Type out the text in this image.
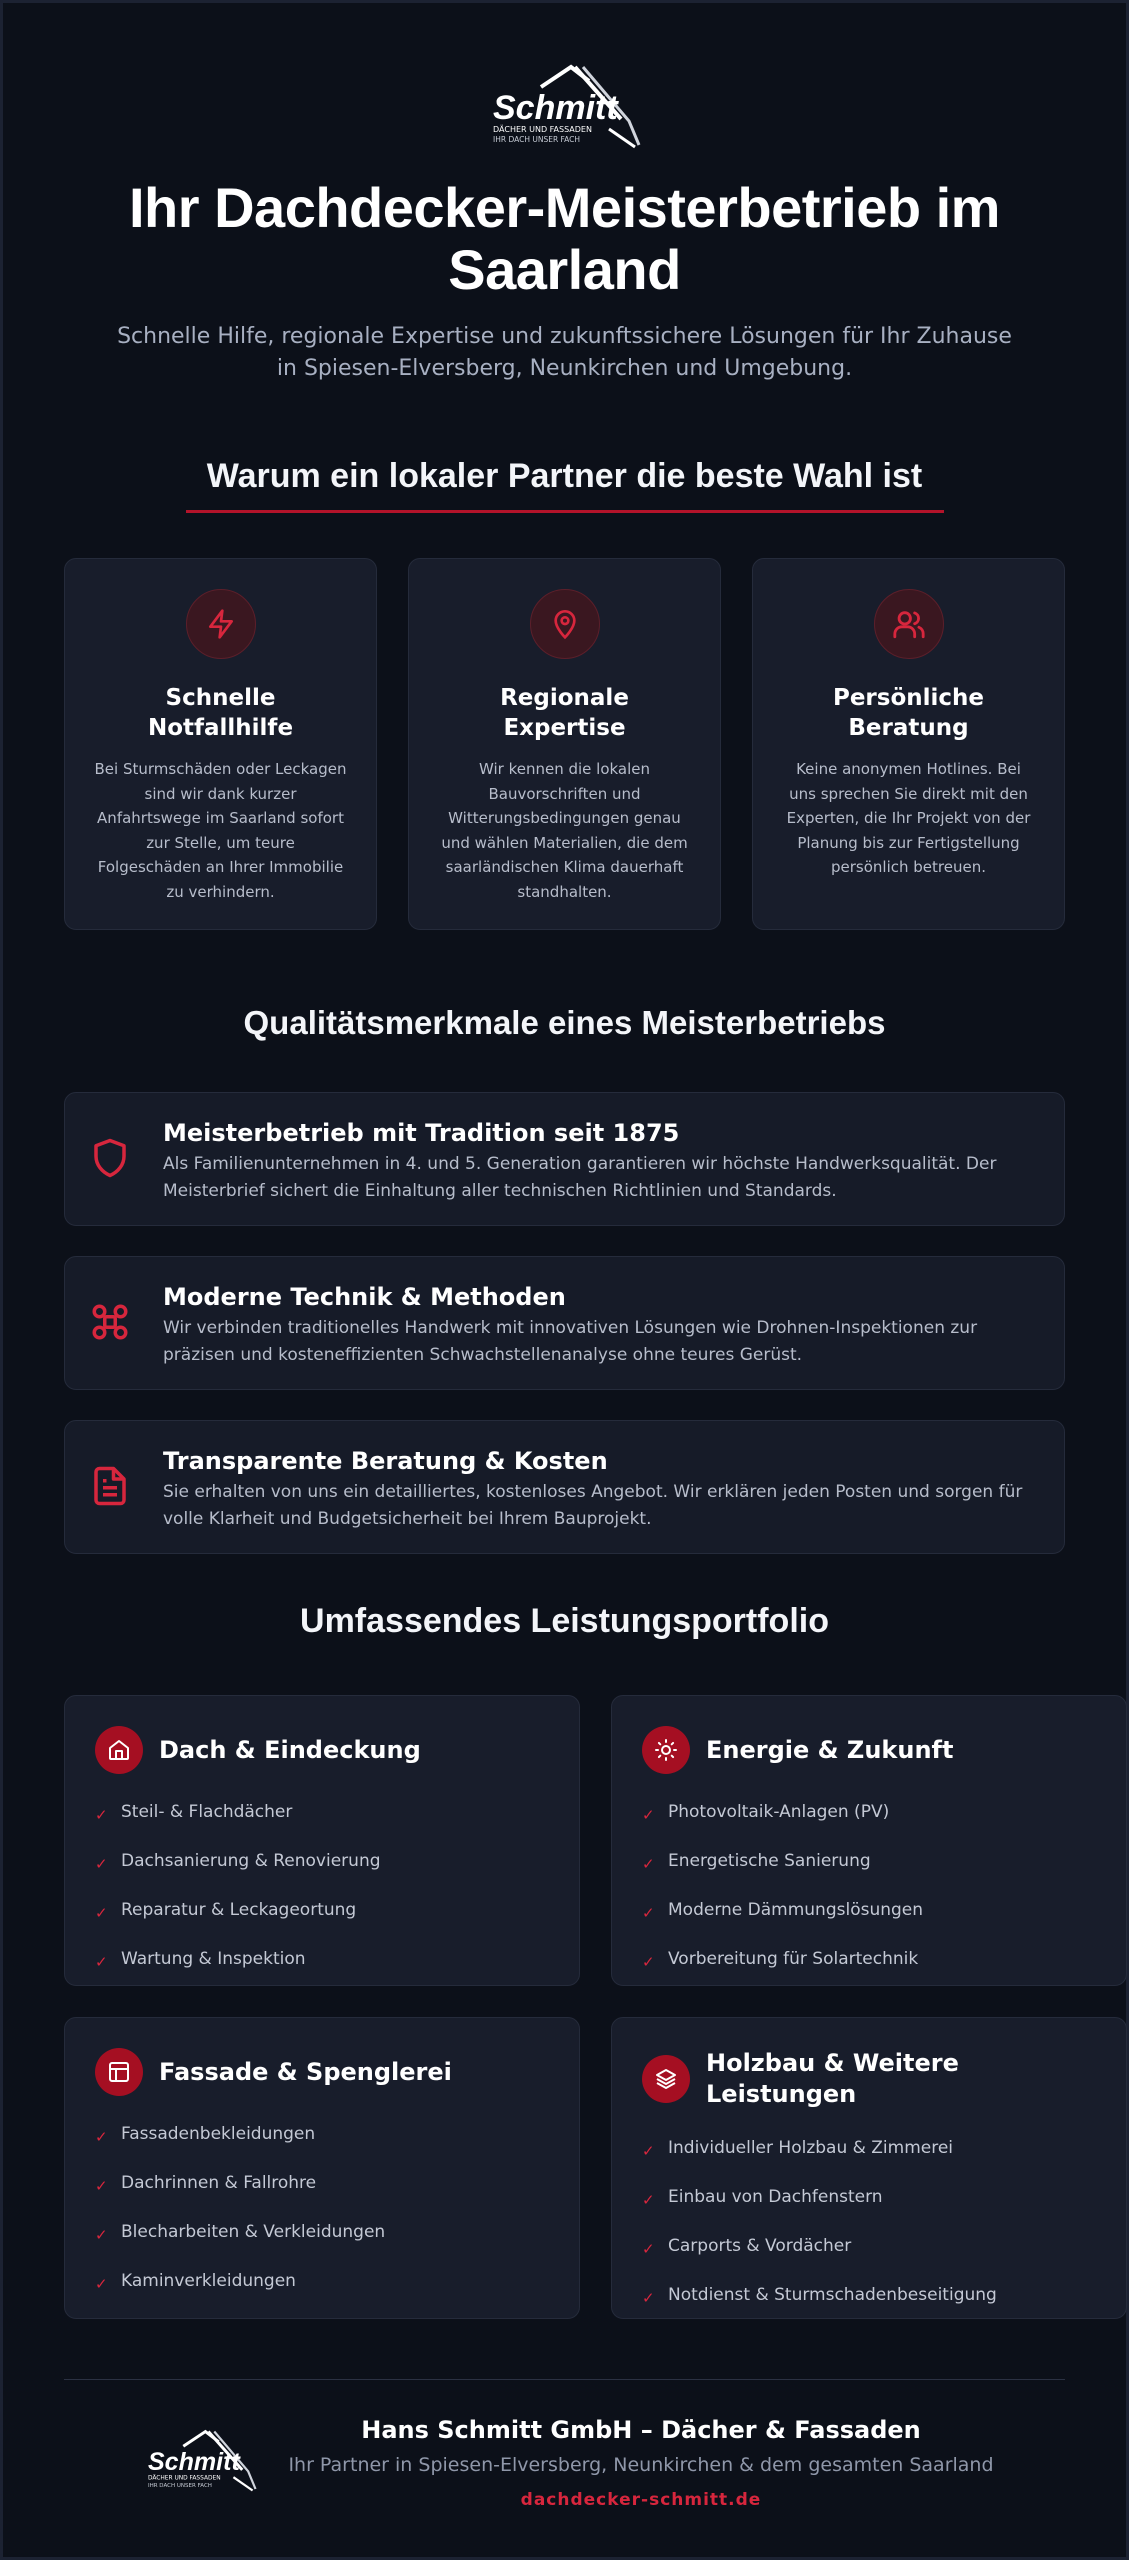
Schmitt
DÄCHER UND FASSADEN
IHR DACH UNSER FACH
Ihr Dachdecker-Meisterbetrieb im Saarland

Schnelle Hilfe, regionale Expertise und zukunftssichere Lösungen für Ihr Zuhause in Spiesen-Elversberg, Neunkirchen und Umgebung.

Warum ein lokaler Partner die beste Wahl ist
Schnelle Notfallhilfe

Bei Sturmschäden oder Leckagen sind wir dank kurzer Anfahrtswege im Saarland sofort zur Stelle, um teure Folgeschäden an Ihrer Immobilie zu verhindern.

Regionale Expertise

Wir kennen die lokalen Bauvorschriften und Witterungsbedingungen genau und wählen Materialien, die dem saarländischen Klima dauerhaft standhalten.

Persönliche Beratung

Keine anonymen Hotlines. Bei uns sprechen Sie direkt mit den Experten, die Ihr Projekt von der Planung bis zur Fertigstellung persönlich betreuen.

Qualitätsmerkmale eines Meisterbetriebs
Meisterbetrieb mit Tradition seit 1875

Als Familienunternehmen in 4. und 5. Generation garantieren wir höchste Handwerksqualität. Der Meisterbrief sichert die Einhaltung aller technischen Richtlinien und Standards.

Moderne Technik & Methoden

Wir verbinden traditionelles Handwerk mit innovativen Lösungen wie Drohnen-Inspektionen zur präzisen und kosteneffizienten Schwachstellenanalyse ohne teures Gerüst.

Transparente Beratung & Kosten

Sie erhalten von uns ein detailliertes, kostenloses Angebot. Wir erklären jeden Posten und sorgen für volle Klarheit und Budgetsicherheit bei Ihrem Bauprojekt.

Umfassendes Leistungsportfolio
Dach & Eindeckung
✓ Steil- & Flachdächer
✓ Dachsanierung & Renovierung
✓ Reparatur & Leckageortung
✓ Wartung & Inspektion
Energie & Zukunft
✓ Photovoltaik-Anlagen (PV)
✓ Energetische Sanierung
✓ Moderne Dämmungslösungen
✓ Vorbereitung für Solartechnik
Fassade & Spenglerei
✓ Fassadenbekleidungen
✓ Dachrinnen & Fallrohre
✓ Blecharbeiten & Verkleidungen
✓ Kaminverkleidungen
Holzbau & Weitere Leistungen
✓ Individueller Holzbau & Zimmerei
✓ Einbau von Dachfenstern
✓ Carports & Vordächer
✓ Notdienst & Sturmschadenbeseitigung
Schmitt
DÄCHER UND FASSADEN
IHR DACH UNSER FACH
Hans Schmitt GmbH – Dächer & Fassaden
Ihr Partner in Spiesen-Elversberg, Neunkirchen & dem gesamten Saarland
dachdecker-schmitt.de
